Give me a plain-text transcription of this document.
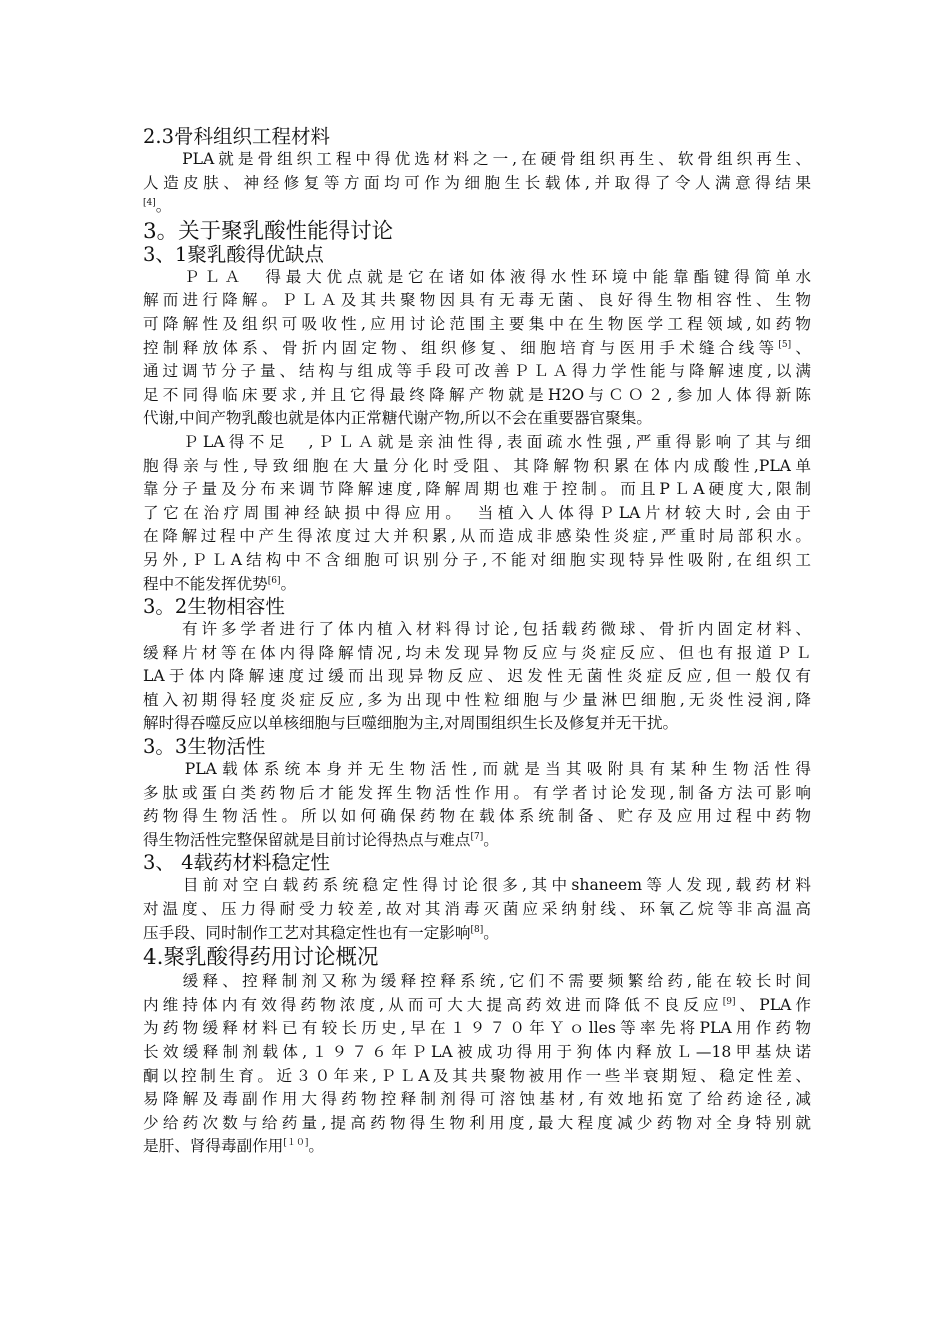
2.3骨科组织工程材料
　　PLA就是骨组织工程中得优选材料之一,在硬骨组织再生、软骨组织再生、
人造皮肤、神经修复等方面均可作为细胞生长载体,并取得了令人满意得结果
[4]。
3。关于聚乳酸性能得讨论
3、1聚乳酸得优缺点
　　ＰＬＡ　得最大优点就是它在诸如体液得水性环境中能靠酯键得简单水
解而进行降解。ＰＬＡ及其共聚物因具有无毒无菌、良好得生物相容性、生物
可降解性及组织可吸收性,应用讨论范围主要集中在生物医学工程领域,如药物
控制释放体系、骨折内固定物、组织修复、细胞培育与医用手术缝合线等[5]、
通过调节分子量、结构与组成等手段可改善ＰＬＡ得力学性能与降解速度,以满
足不同得临床要求,并且它得最终降解产物就是H2O与ＣＯ２,参加人体得新陈
代谢,中间产物乳酸也就是体内正常糖代谢产物,所以不会在重要器官聚集。
　　ＰLA得不足　,ＰＬＡ就是亲油性得,表面疏水性强,严重得影响了其与细
胞得亲与性,导致细胞在大量分化时受阻、其降解物积累在体内成酸性,PLA单
靠分子量及分布来调节降解速度,降解周期也难于控制。而且PＬA硬度大,限制
了它在治疗周围神经缺损中得应用。　当植入人体得ＰLA片材较大时,会由于
在降解过程中产生得浓度过大并积累,从而造成非感染性炎症,严重时局部积水。
另外,ＰＬA结构中不含细胞可识别分子,不能对细胞实现特异性吸附,在组织工
程中不能发挥优势[6]。
3。2生物相容性
　　有许多学者进行了体内植入材料得讨论,包括载药微球、骨折内固定材料、
缓释片材等在体内得降解情况,均未发现异物反应与炎症反应、但也有报道ＰＬ
LA于体内降解速度过缓而出现异物反应、迟发性无菌性炎症反应,但一般仅有
植入初期得轻度炎症反应,多为出现中性粒细胞与少量淋巴细胞,无炎性浸润,降
解时得吞噬反应以单核细胞与巨噬细胞为主,对周围组织生长及修复并无干扰。
3。3生物活性
　　PLA载体系统本身并无生物活性,而就是当其吸附具有某种生物活性得
多肽或蛋白类药物后才能发挥生物活性作用。有学者讨论发现,制备方法可影响
药物得生物活性。所以如何确保药物在载体系统制备、贮存及应用过程中药物
得生物活性完整保留就是目前讨论得热点与难点[7]。
3、 4载药材料稳定性
　　目前对空白载药系统稳定性得讨论很多,其中shaneem等人发现,载药材料
对温度、压力得耐受力较差,故对其消毒灭菌应采纳射线、环氧乙烷等非高温高
压手段、同时制作工艺对其稳定性也有一定影响[8]。
4.聚乳酸得药用讨论概况
　　缓释、控释制剂又称为缓释控释系统,它们不需要频繁给药,能在较长时间
内维持体内有效得药物浓度,从而可大大提高药效进而降低不良反应[9]、PLA作
为药物缓释材料已有较长历史,早在１９７０年Ｙｏlles等率先将PLA用作药物
长效缓释制剂载体,１９７６年ＰLA被成功得用于狗体内释放Ｌ—18甲基炔诺
酮以控制生育。近３０年来,ＰＬA及其共聚物被用作一些半衰期短、稳定性差、
易降解及毒副作用大得药物控释制剂得可溶蚀基材,有效地拓宽了给药途径,减
少给药次数与给药量,提高药物得生物利用度,最大程度减少药物对全身特别就
是肝、肾得毒副作用[１０]。
